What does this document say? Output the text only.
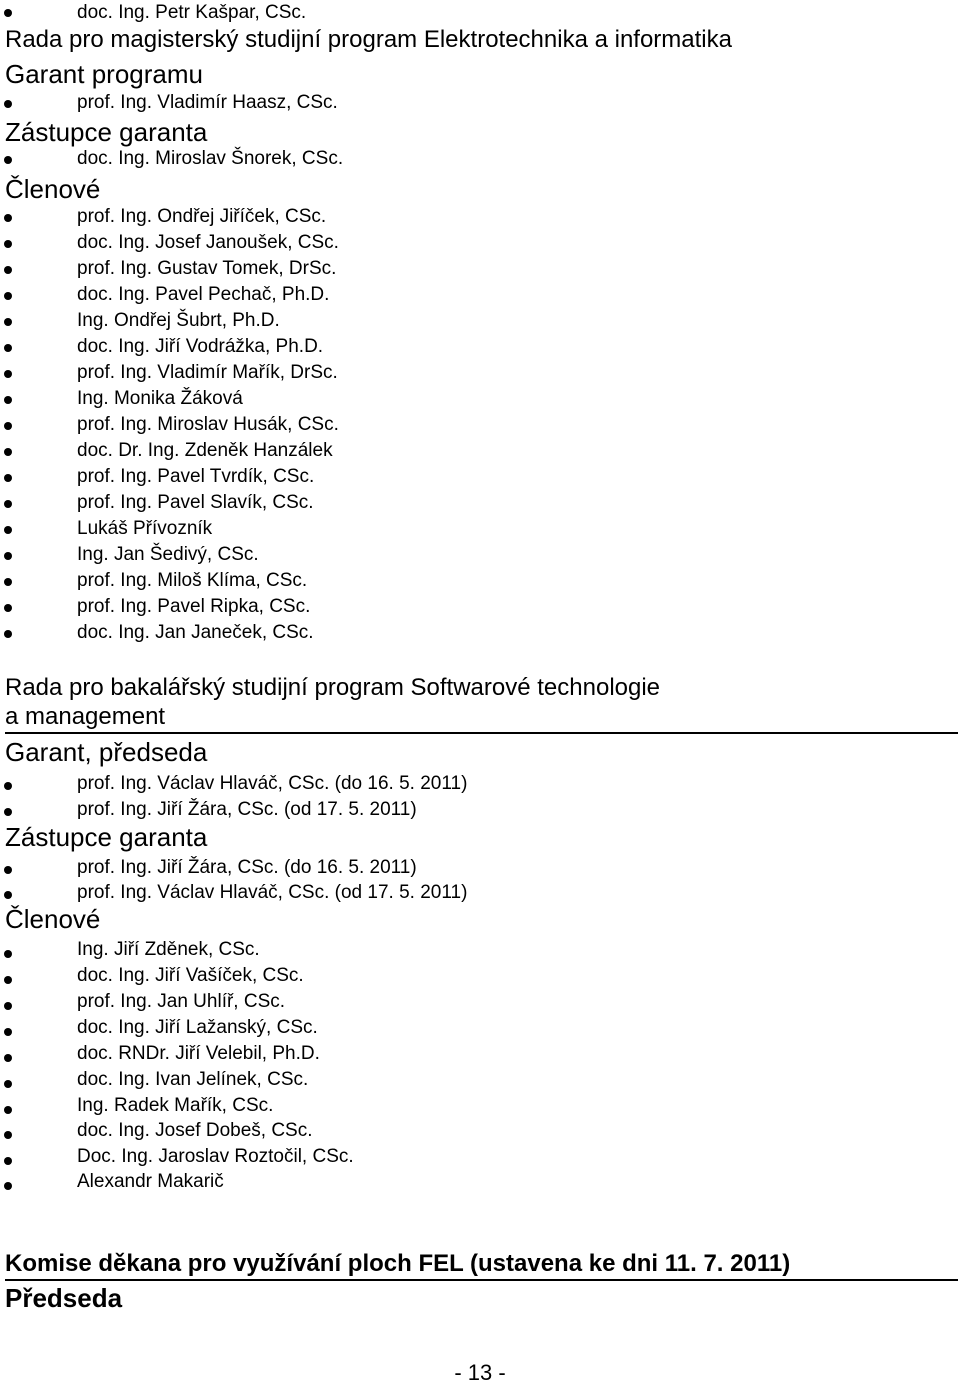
doc. Ing. Petr Kašpar, CSc.
Rada pro magisterský studijní program Elektrotechnika a informatika
Garant programu
prof. Ing. Vladimír Haasz, CSc.
Zástupce garanta
doc. Ing. Miroslav Šnorek, CSc.
Členové
prof. Ing. Ondřej Jiříček, CSc.
doc. Ing. Josef Janoušek, CSc.
prof. Ing. Gustav Tomek, DrSc.
doc. Ing. Pavel Pechač, Ph.D.
Ing. Ondřej Šubrt, Ph.D.
doc. Ing. Jiří Vodrážka, Ph.D.
prof. Ing. Vladimír Mařík, DrSc.
Ing. Monika Žáková
prof. Ing. Miroslav Husák, CSc.
doc. Dr. Ing. Zdeněk Hanzálek
prof. Ing. Pavel Tvrdík, CSc.
prof. Ing. Pavel Slavík, CSc.
Lukáš Přívozník
Ing. Jan Šedivý, CSc.
prof. Ing. Miloš Klíma, CSc.
prof. Ing. Pavel Ripka, CSc.
doc. Ing. Jan Janeček, CSc.
Rada pro bakalářský studijní program Softwarové technologie
a management
Garant, předseda
prof. Ing. Václav Hlaváč, CSc. (do 16. 5. 2011)
prof. Ing. Jiří Žára, CSc. (od 17. 5. 2011)
Zástupce garanta
prof. Ing. Jiří Žára, CSc. (do 16. 5. 2011)
prof. Ing. Václav Hlaváč, CSc. (od 17. 5. 2011)
Členové
Ing. Jiří Zděnek, CSc.
doc. Ing. Jiří Vašíček, CSc.
prof. Ing. Jan Uhlíř, CSc.
doc. Ing. Jiří Lažanský, CSc.
doc. RNDr. Jiří Velebil, Ph.D.
doc. Ing. Ivan Jelínek, CSc.
Ing. Radek Mařík, CSc.
doc. Ing. Josef Dobeš, CSc.
Doc. Ing. Jaroslav Roztočil, CSc.
Alexandr Makarič
Komise děkana pro využívání ploch FEL (ustavena ke dni 11. 7. 2011)
Předseda
- 13 -
